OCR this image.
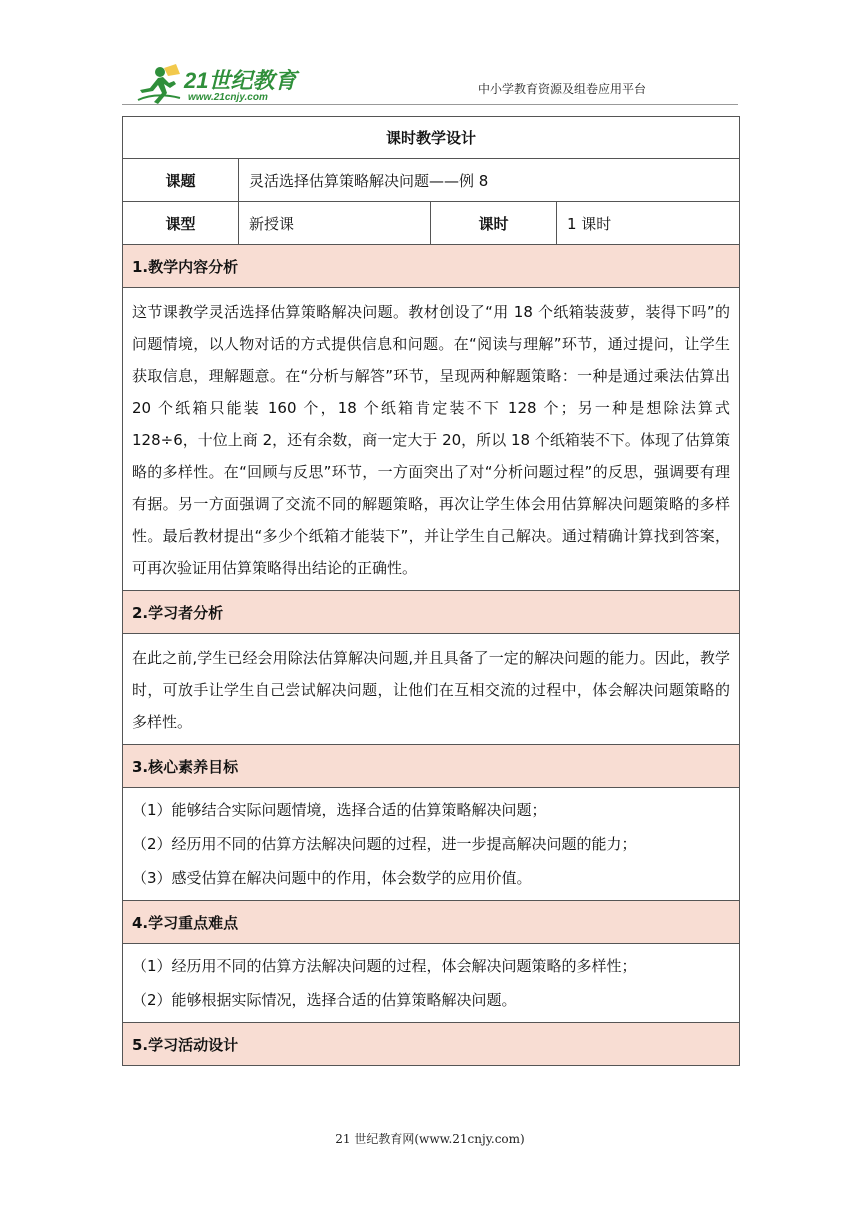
21世纪教育
www.21cnjy.com
中小学教育资源及组卷应用平台
课时教学设计			
课题	灵活选择估算策略解决问题——例 8		
课型	新授课	课时	1 课时
1.教学内容分析			
这节课教学灵活选择估算策略解决问题。教材创设了“用 18 个纸箱装菠萝，装得下吗”的问题情境，以人物对话的方式提供信息和问题。在“阅读与理解”环节，通过提问，让学生获取信息，理解题意。在“分析与解答”环节，呈现两种解题策略：一种是通过乘法估算出 20 个纸箱只能装 160 个，18 个纸箱肯定装不下 128 个；另一种是想除法算式 128÷6，十位上商 2，还有余数，商一定大于 20，所以 18 个纸箱装不下。体现了估算策略的多样性。在“回顾与反思”环节，一方面突出了对“分析问题过程”的反思，强调要有理有据。另一方面强调了交流不同的解题策略，再次让学生体会用估算解决问题策略的多样性。最后教材提出“多少个纸箱才能装下”，并让学生自己解决。通过精确计算找到答案，可再次验证用估算策略得出结论的正确性。			
2.学习者分析			
在此之前,学生已经会用除法估算解决问题,并且具备了一定的解决问题的能力。因此，教学时，可放手让学生自己尝试解决问题，让他们在互相交流的过程中，体会解决问题策略的多样性。			
3.核心素养目标			

（1）能够结合实际问题情境，选择合适的估算策略解决问题；
（2）经历用不同的估算方法解决问题的过程，进一步提高解决问题的能力；
（3）感受估算在解决问题中的作用，体会数学的应用价值。			

4.学习重点难点			

（1）经历用不同的估算方法解决问题的过程，体会解决问题策略的多样性；
（2）能够根据实际情况，选择合适的估算策略解决问题。			

5.学习活动设计			
21 世纪教育网(www.21cnjy.com)
